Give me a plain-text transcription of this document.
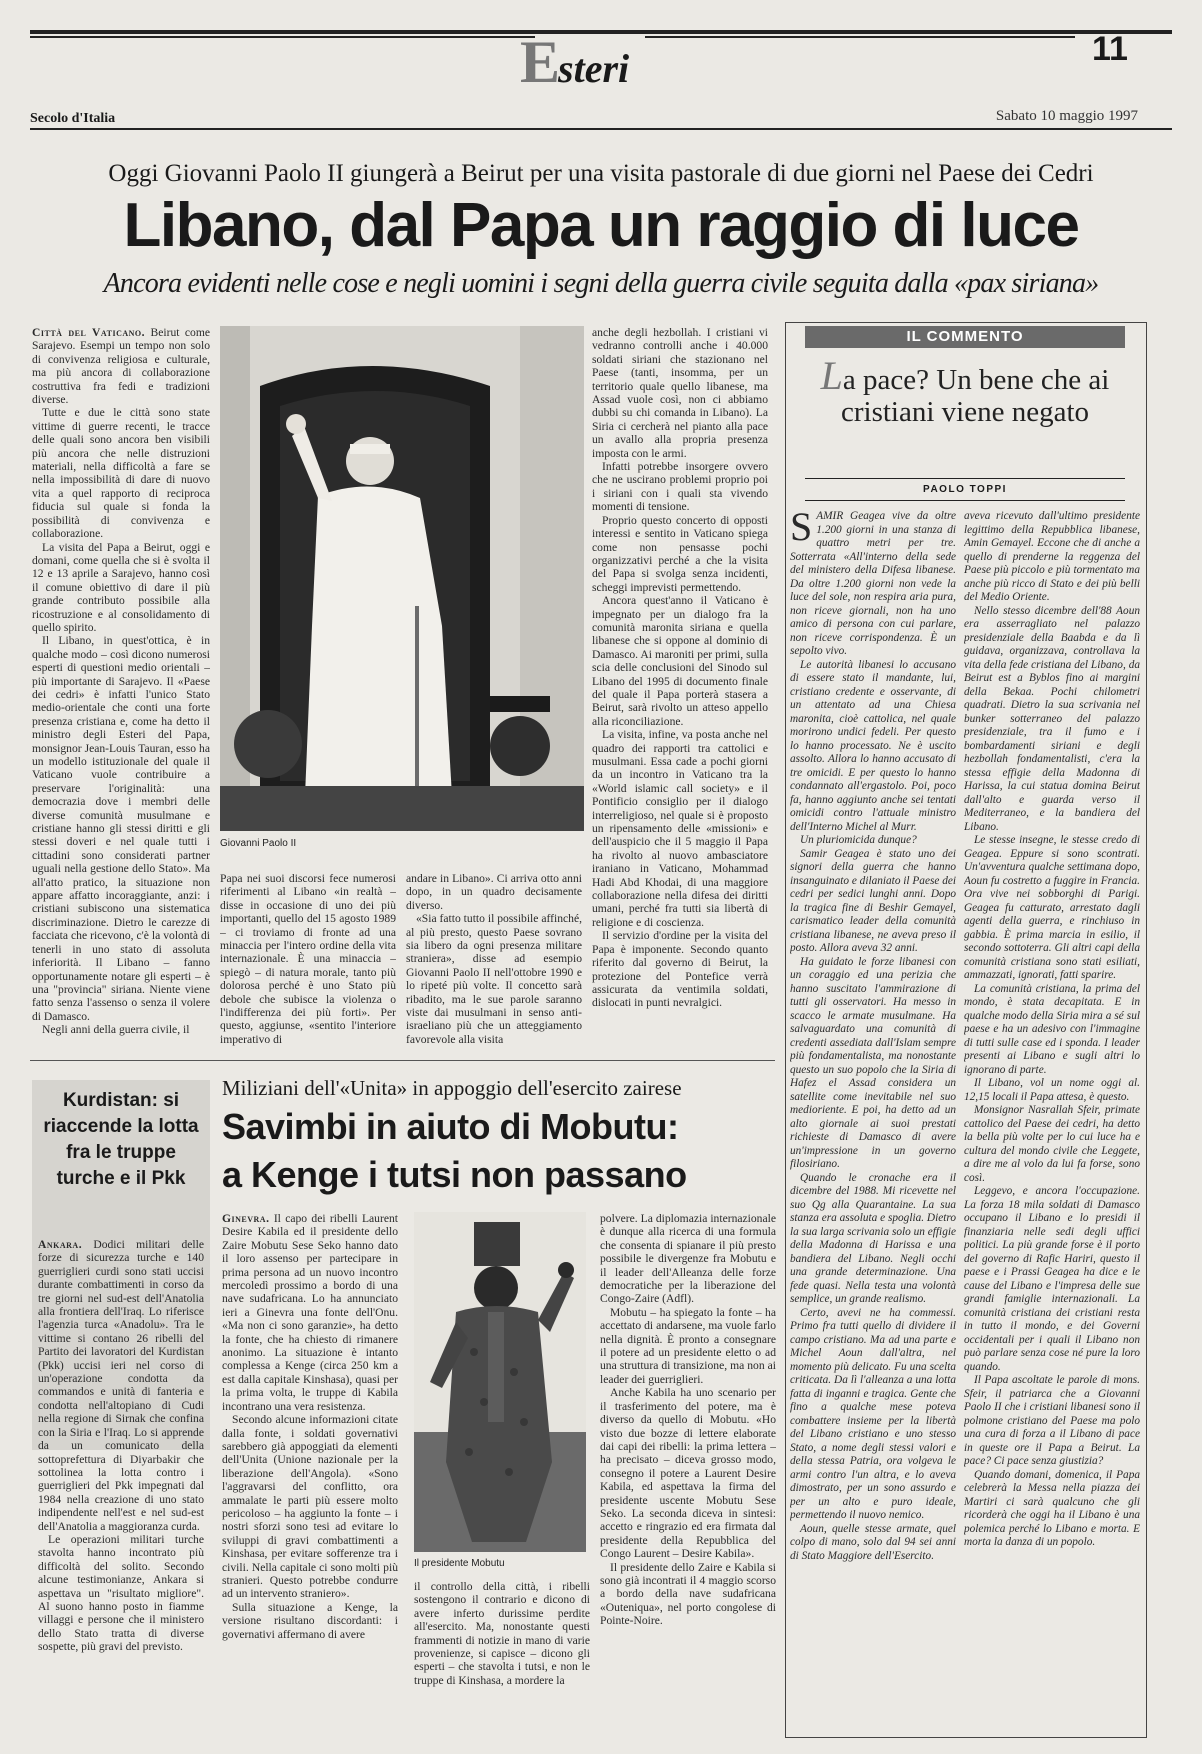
Esteri	11
Secolo d'Italia	Sabato 10 maggio 1997
Oggi Giovanni Paolo II giungerà a Beirut per una visita pastorale di due giorni nel Paese dei Cedri
Libano, dal Papa un raggio di luce
Ancora evidenti nelle cose e negli uomini i segni della guerra civile seguita dalla «pax siriana»

Città del Vaticano. Beirut come Sarajevo. Esempi un tempo non solo di convivenza religiosa e culturale, ma più ancora di collaborazione costruttiva fra fedi e tradizioni diverse.

Tutte e due le città sono state vittime di guerre recenti, le tracce delle quali sono ancora ben visibili più ancora che nelle distruzioni materiali, nella difficoltà a fare se nella impossibilità di dare di nuovo vita a quel rapporto di reciproca fiducia sul quale si fonda la possibilità di convivenza e collaborazione.

La visita del Papa a Beirut, oggi e domani, come quella che si è svolta il 12 e 13 aprile a Sarajevo, hanno così il comune obiettivo di dare il più grande contributo possibile alla ricostruzione e al consolidamento di quello spirito.

Il Libano, in quest'ottica, è in qualche modo – così dicono numerosi esperti di questioni medio orientali – più importante di Sarajevo. Il «Paese dei cedri» è infatti l'unico Stato medio-orientale che conti una forte presenza cristiana e, come ha detto il ministro degli Esteri del Papa, monsignor Jean-Louis Tauran, esso ha un modello istituzionale del quale il Vaticano vuole contribuire a preservare l'originalità: una democrazia dove i membri delle diverse comunità musulmane e cristiane hanno gli stessi diritti e gli stessi doveri e nel quale tutti i cittadini sono considerati partner uguali nella gestione dello Stato». Ma all'atto pratico, la situazione non appare affatto incoraggiante, anzi: i cristiani subiscono una sistematica discriminazione. Dietro le carezze di facciata che ricevono, c'è la volontà di tenerli in uno stato di assoluta inferiorità. Il Libano – fanno opportunamente notare gli esperti – è una "provincia" siriana. Niente viene fatto senza l'assenso o senza il volere di Damasco.

Negli anni della guerra civile, il

Giovanni Paolo II

Papa nei suoi discorsi fece numerosi riferimenti al Libano «in realtà – disse in occasione di uno dei più importanti, quello del 15 agosto 1989 – ci troviamo di fronte ad una minaccia per l'intero ordine della vita internazionale. È una minaccia – spiegò – di natura morale, tanto più dolorosa perché è uno Stato più debole che subisce la violenza o l'indifferenza dei più forti». Per questo, aggiunse, «sentito l'interiore imperativo di

andare in Libano». Ci arriva otto anni dopo, in un quadro decisamente diverso.

«Sia fatto tutto il possibile affinché, al più presto, questo Paese sovrano sia libero da ogni presenza militare straniera», disse ad esempio Giovanni Paolo II nell'ottobre 1990 e lo ripeté più volte. Il concetto sarà ribadito, ma le sue parole saranno viste dai musulmani in senso anti-israeliano più che un atteggiamento favorevole alla visita

anche degli hezbollah. I cristiani vi vedranno controlli anche i 40.000 soldati siriani che stazionano nel Paese (tanti, insomma, per un territorio quale quello libanese, ma Assad vuole così, non ci abbiamo dubbi su chi comanda in Libano). La Siria ci cercherà nel pianto alla pace un avallo alla propria presenza imposta con le armi.

Infatti potrebbe insorgere ovvero che ne uscirano problemi proprio poi i siriani con i quali sta vivendo momenti di tensione.

Proprio questo concerto di opposti interessi e sentito in Vaticano spiega come non pensasse pochi organizzativi perché a che la visita del Papa si svolga senza incidenti, scheggi imprevisti permettendo.

Ancora quest'anno il Vaticano è impegnato per un dialogo fra la comunità maronita siriana e quella libanese che si oppone al dominio di Damasco. Ai maroniti per primi, sulla scia delle conclusioni del Sinodo sul Libano del 1995 di documento finale del quale il Papa porterà stasera a Beirut, sarà rivolto un atteso appello alla riconciliazione.

La visita, infine, va posta anche nel quadro dei rapporti tra cattolici e musulmani. Essa cade a pochi giorni da un incontro in Vaticano tra la «World islamic call society» e il Pontificio consiglio per il dialogo interreligioso, nel quale si è proposto un ripensamento delle «missioni» e dell'auspicio che il 5 maggio il Papa ha rivolto al nuovo ambasciatore iraniano in Vaticano, Mohammad Hadi Abd Khodai, di una maggiore collaborazione nella difesa dei diritti umani, perché fra tutti sia libertà di religione e di coscienza.

Il servizio d'ordine per la visita del Papa è imponente. Secondo quanto riferito dal governo di Beirut, la protezione del Pontefice verrà assicurata da ventimila soldati, dislocati in punti nevralgici.

IL COMMENTO
La pace? Un bene che ai cristiani viene negato
PAOLO TOPPI

SAMIR Geagea vive da oltre 1.200 giorni in una stanza di quattro metri per tre. Sotterrata «All'interno della sede del ministero della Difesa libanese. Da oltre 1.200 giorni non vede la luce del sole, non respira aria pura, non riceve giornali, non ha uno amico di persona con cui parlare, non riceve corrispondenza. È un sepolto vivo.

Le autorità libanesi lo accusano di essere stato il mandante, lui, cristiano credente e osservante, di un attentato ad una Chiesa maronita, cioè cattolica, nel quale morirono undici fedeli. Per questo lo hanno processato. Ne è uscito assolto. Allora lo hanno accusato di tre omicidi. E per questo lo hanno condannato all'ergastolo. Poi, poco fa, hanno aggiunto anche sei tentati omicidi contro l'attuale ministro dell'Interno Michel al Murr.

Un pluriomicida dunque?

Samir Geagea è stato uno dei signori della guerra che hanno insanguinato e dilaniato il Paese dei cedri per sedici lunghi anni. Dopo la tragica fine di Beshir Gemayel, carismatico leader della comunità cristiana libanese, ne aveva preso il posto. Allora aveva 32 anni.

Ha guidato le forze libanesi con un coraggio ed una perizia che hanno suscitato l'ammirazione di tutti gli osservatori. Ha messo in scacco le armate musulmane. Ha salvaguardato una comunità di credenti assediata dall'Islam sempre più fondamentalista, ma nonostante questo un suo popolo che la Siria di Hafez el Assad considera un satellite come inevitabile nel suo medioriente. E poi, ha detto ad un alto giornale ai suoi prestati richieste di Damasco di avere un'impressione in un governo filosiriano.

Quando le cronache era il dicembre del 1988. Mi ricevette nel suo Qg alla Quarantaine. La sua stanza era assoluta e spoglia. Dietro la sua larga scrivania solo un effigie della Madonna di Harissa e una bandiera del Libano. Negli occhi una grande determinazione. Una fede quasi. Nella testa una volontà semplice, un grande realismo.

Certo, avevi ne ha commessi. Primo fra tutti quello di dividere il campo cristiano. Ma ad una parte e Michel Aoun dall'altra, nel momento più delicato. Fu una scelta criticata. Da lì l'alleanza a una lotta fatta di inganni e tragica. Gente che fino a qualche mese poteva combattere insieme per la libertà del Libano cristiano e uno stesso Stato, a nome degli stessi valori e della stessa Patria, ora volgeva le armi contro l'un altra, e lo aveva dimostrato, per un sono assurdo e per un alto e puro ideale, permettendo il nuovo nemico.

Aoun, quelle stesse armate, quel colpo di mano, solo dal 94 sei anni di Stato Maggiore dell'Esercito.

aveva ricevuto dall'ultimo presidente legittimo della Repubblica libanese, Amin Gemayel. Eccone che di anche a quello di prenderne la reggenza del Paese più piccolo e più tormentato ma anche più ricco di Stato e dei più belli del Medio Oriente.

Nello stesso dicembre dell'88 Aoun era asserragliato nel palazzo presidenziale della Baabda e da lì guidava, organizzava, controllava la vita della fede cristiana del Libano, da Beirut est a Byblos fino ai margini della Bekaa. Pochi chilometri quadrati. Dietro la sua scrivania nel bunker sotterraneo del palazzo presidenziale, tra il fumo e i bombardamenti siriani e degli hezbollah fondamentalisti, c'era la stessa effigie della Madonna di Harissa, la cui statua domina Beirut dall'alto e guarda verso il Mediterraneo, e la bandiera del Libano.

Le stesse insegne, le stesse credo di Geagea. Eppure si sono scontrati. Un'avventura qualche settimana dopo, Aoun fu costretto a fuggire in Francia. Ora vive nei sobborghi di Parigi. Geagea fu catturato, arrestato dagli agenti della guerra, e rinchiuso in gabbia. È prima marcia in esilio, il secondo sottoterra. Gli altri capi della comunità cristiana sono stati esiliati, ammazzati, ignorati, fatti sparire.

La comunità cristiana, la prima del mondo, è stata decapitata. E in qualche modo della Siria mira a sé sul paese e ha un adesivo con l'immagine di tutti sulle case ed i sponda. I leader presenti ai Libano e sugli altri lo ignorano di parte.

Il Libano, vol un nome oggi al. 12,15 locali il Papa attesa, è questo.

Monsignor Nasrallah Sfeir, primate cattolico del Paese dei cedri, ha detto la bella più volte per lo cui luce ha e cultura del mondo civile che Leggete, a dire me al volo da lui fa forse, sono così.

Leggevo, e ancora l'occupazione. La forza 18 mila soldati di Damasco occupano il Libano e lo presidi il finanziaria nelle sedi degli uffici politici. La più grande forse è il porto del governo di Rafic Hariri, questo il paese e i Prassi Geagea ha dice e le cause del Libano e l'impresa delle sue grandi famiglie internazionali. La comunità cristiana dei cristiani resta in tutto il mondo, e dei Governi occidentali per i quali il Libano non può parlare senza cose né pure la loro quando.

Il Papa ascoltate le parole di mons. Sfeir, il patriarca che a Giovanni Paolo II che i cristiani libanesi sono il polmone cristiano del Paese ma polo una cura di forza a il Libano di pace in queste ore il Papa a Beirut. La pace? Ci pace senza giustizia?

Quando domani, domenica, il Papa celebrerà la Messa nella piazza dei Martiri ci sarà qualcuno che gli ricorderà che oggi ha il Libano è una polemica perché lo Libano e morta. E morta la danza di un popolo.

Kurdistan: si riaccende la lotta fra le truppe turche e il Pkk

Ankara. Dodici militari delle forze di sicurezza turche e 140 guerriglieri curdi sono stati uccisi durante combattimenti in corso da tre giorni nel sud-est dell'Anatolia alla frontiera dell'Iraq. Lo riferisce l'agenzia turca «Anadolu». Tra le vittime si contano 26 ribelli del Partito dei lavoratori del Kurdistan (Pkk) uccisi ieri nel corso di un'operazione condotta da commandos e unità di fanteria e condotta nell'altopiano di Cudi nella regione di Sirnak che confina con la Siria e l'Iraq. Lo si apprende da un comunicato della sottoprefettura di Diyarbakir che sottolinea la lotta contro i guerriglieri del Pkk impegnati dal 1984 nella creazione di uno stato indipendente nell'est e nel sud-est dell'Anatolia a maggioranza curda.

Le operazioni militari turche stavolta hanno incontrato più difficoltà del solito. Secondo alcune testimonianze, Ankara si aspettava un "risultato migliore". Al suono hanno posto in fiamme villaggi e persone che il ministero dello Stato tratta di diverse sospette, più gravi del previsto.

Miliziani dell'«Unita» in appoggio dell'esercito zairese
Savimbi in aiuto di Mobutu:
a Kenge i tutsi non passano

Ginevra. Il capo dei ribelli Laurent Desire Kabila ed il presidente dello Zaire Mobutu Sese Seko hanno dato il loro assenso per partecipare in prima persona ad un nuovo incontro mercoledì prossimo a bordo di una nave sudafricana. Lo ha annunciato ieri a Ginevra una fonte dell'Onu. «Ma non ci sono garanzie», ha detto la fonte, che ha chiesto di rimanere anonimo. La situazione è intanto complessa a Kenge (circa 250 km a est dalla capitale Kinshasa), quasi per la prima volta, le truppe di Kabila incontrano una vera resistenza.

Secondo alcune informazioni citate dalla fonte, i soldati governativi sarebbero già appoggiati da elementi dell'Unita (Unione nazionale per la liberazione dell'Angola). «Sono l'aggravarsi del conflitto, ora ammalate le parti più essere molto pericoloso – ha aggiunto la fonte – i nostri sforzi sono tesi ad evitare lo sviluppi di gravi combattimenti a Kinshasa, per evitare sofferenze tra i civili. Nella capitale ci sono molti più stranieri. Questo potrebbe condurre ad un intervento straniero».

Sulla situazione a Kenge, la versione risultano discordanti: i governativi affermano di avere

Il presidente Mobutu

il controllo della città, i ribelli sostengono il contrario e dicono di avere inferto durissime perdite all'esercito. Ma, nonostante questi frammenti di notizie in mano di varie provenienze, si capisce – dicono gli esperti – che stavolta i tutsi, e non le truppe di Kinshasa, a mordere la

polvere. La diplomazia internazionale è dunque alla ricerca di una formula che consenta di spianare il più presto possibile le divergenze fra Mobutu e il leader dell'Alleanza delle forze democratiche per la liberazione del Congo-Zaire (Adfl).

Mobutu – ha spiegato la fonte – ha accettato di andarsene, ma vuole farlo nella dignità. È pronto a consegnare il potere ad un presidente eletto o ad una struttura di transizione, ma non ai leader dei guerriglieri.

Anche Kabila ha uno scenario per il trasferimento del potere, ma è diverso da quello di Mobutu. «Ho visto due bozze di lettere elaborate dai capi dei ribelli: la prima lettera – ha precisato – diceva grosso modo, consegno il potere a Laurent Desire Kabila, ed aspettava la firma del presidente uscente Mobutu Sese Seko. La seconda diceva in sintesi: accetto e ringrazio ed era firmata dal presidente della Repubblica del Congo Laurent – Desire Kabila».

Il presidente dello Zaire e Kabila si sono già incontrati il 4 maggio scorso a bordo della nave sudafricana «Outeniqua», nel porto congolese di Pointe-Noire.
